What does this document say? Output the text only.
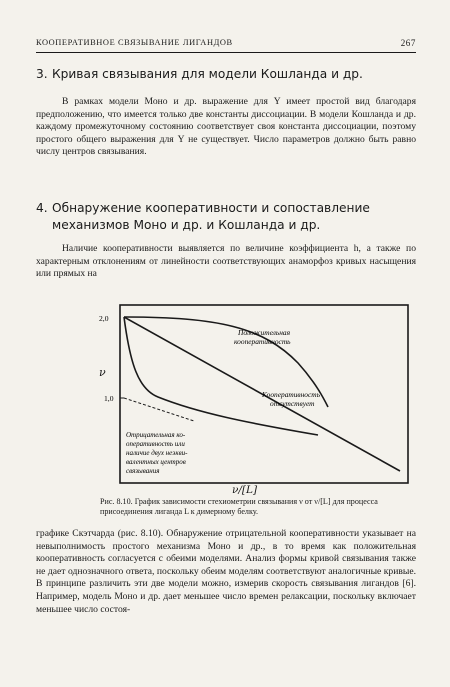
КООПЕРАТИВНОЕ СВЯЗЫВАНИЕ ЛИГАНДОВ	267
3. Кривая связывания для модели Кошланда и др.
В рамках модели Моно и др. выражение для Y имеет простой вид благодаря предположению, что имеется только две константы диссоциации. В модели Кошланда и др. каждому промежуточному состоянию соответствует своя константа диссоциации, поэтому простого общего выражения для Y не существует. Число параметров должно быть равно числу центров связывания.
4. Обнаружение кооперативности и сопоставление
механизмов Моно и др. и Кошланда и др.
Наличие кооперативности выявляется по величине коэффициента h, а также по характерным отклонениям от линейности соответствующих анаморфоз кривых насыщения или прямых на
ν
2,0
1,0
Положительная
кооперативность
Кооперативность
отсутствует
Отрицательная ко-
оперативность или
наличие двух неэкви-
валентных центров
связывания
Рис. 8.10. График зависимости стехиометрии связывания ν от ν/[L] для процесса присоединения лиганда L к димерному белку.
ν/[L]
графике Скэтчарда (рис. 8.10). Обнаружение отрицательной кооперативности указывает на невыполнимость простого механизма Моно и др., в то время как положительная кооперативность согласуется с обеими моделями. Анализ формы кривой связывания также не дает однозначного ответа, поскольку обеим моделям соответствуют аналогичные кривые. В принципе различить эти две модели можно, измерив скорость связывания лигандов [6]. Например, модель Моно и др. дает меньшее число времен релаксации, поскольку включает меньшее число состоя-
